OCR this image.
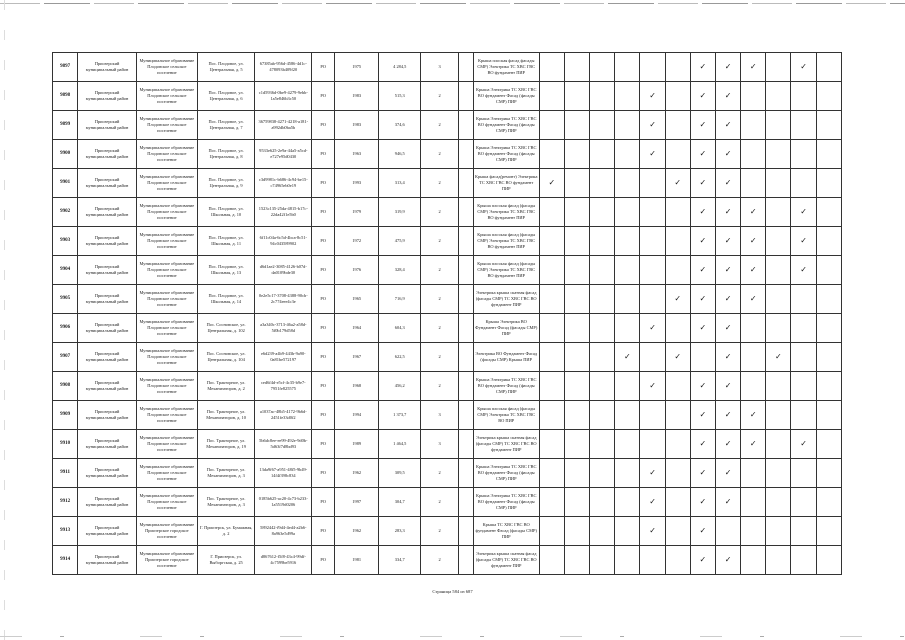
9897	Приозерский муниципальный район	Муниципальное образование Плодовское сельское поселение	Пос. Плодовое, ул. Центральная, д. 5	67385ab-956d-4586-4d1c-478093b409f20	PO	1975	4 284,5	3		Крыша плоская фасад фасады СМР) Электрика ТС ХВС ГВС ВО фундамент ПИР							✓	✓	✓		✓	
9898	Приозерский муниципальный район	Муниципальное образование Плодовское сельское поселение	Пос. Плодовое, ул. Центральная, д. 6	c1d5936d-0be9-4279-9ebb-1a5e846b3c50	PO	1983	515,3	2		Крыша Электрика ТС ХВС ГВС ВО фундамент Фасад (фасады СМР) ПИР					✓		✓	✓				
9899	Приозерский муниципальный район	Муниципальное образование Плодовское сельское поселение	Пос. Плодовое, ул. Центральная, д. 7	36759838-4271-4218-a181-a992db0ba5b	PO	1983	374,6	2		Крыша Электрика ТС ХВС ГВС ВО фундамент Фасад (фасады СМР) ПИР					✓		✓	✓				
9900	Приозерский муниципальный район	Муниципальное образование Плодовское сельское поселение	Пос. Плодовое, ул. Центральная, д. 8	9533e625-2e9a-44a5-a5cd-e727e95d0430	PO	1963	946,5	2		Крыша Электрика ТС ХВС ГВС ВО фундамент Фасад (фасады СМР) ПИР					✓		✓	✓				
9901	Приозерский муниципальный район	Муниципальное образование Плодовское сельское поселение	Пос. Плодовое, ул. Центральная, д. 9	c3d9981c-b686-4c94-be15-c74965eb0e19	PO	1993	313,4	2		Крыша фасад(ремонт) Электрика ТС ХВС ГВС ВО фундамент ПИР	✓					✓	✓	✓				
9902	Приозерский муниципальный район	Муниципальное образование Плодовское сельское поселение	Пос. Плодовое, ул. Школьная, д. 10	1523c135-25da-4815-b17c-22da42f1e5b0	PO	1979	319,9	2		Крыша плоская фасад (фасады СМР) Электрика ТС ХВС ГВС ВО фундамент ПИР							✓	✓	✓		✓	
9903	Приозерский муниципальный район	Муниципальное образование Плодовское сельское поселение	Пос. Плодовое, ул. Школьная, д. 11	6f11c04a-6c5d-4bca-8c51-94c043589902	PO	1972	475,9	2		Крыша плоская фасад (фасады СМР) Электрика ТС ХВС ГВС ВО фундамент ПИР							✓	✓	✓		✓	
9904	Приозерский муниципальный район	Муниципальное образование Плодовское сельское поселение	Пос. Плодовое, ул. Школьная, д. 13	d6d1ae2-3085-4126-b07d-da0109bde30	PO	1976	328,4	2		Крыша плоская фасад (фасады СМР) Электрика ТС ХВС ГВС ВО фундамент ПИР							✓	✓	✓		✓	
9905	Приозерский муниципальный район	Муниципальное образование Плодовское сельское поселение	Пос. Плодовое, ул. Школьная, д. 14	0e2e5c17-3708-4388-90cb-2c774eee4c3e	PO	1965	716,9	2		Электрика крыша скатная фасад (фасады СМР) ТС ХВС ГВС ВО фундамент ПИР						✓	✓	✓	✓			
9906	Приозерский муниципальный район	Муниципальное образование Плодовское сельское поселение	Пос. Сосновское, ул. Центральная, д. 102	a3a340c-3713-46a2-a58d-5f0b179d58d	PO	1964	604,3	2		Крыша Электрика ВО Фундамент Фасад (фасады СМР) ПИР					✓		✓	✓				
9907	Приозерский муниципальный район	Муниципальное образование Плодовское сельское поселение	Пос. Сосновское, ул. Центральная, д. 104	e6d239-a4b9-443b-9a90-0a81be572197	PO	1967	622,5	2		Электрика ВО Фундамент Фасад (фасады СМР) Крыша ПИР				✓		✓		✓		✓		
9908	Приозерский муниципальный район	Муниципальное образование Плодовское сельское поселение	Пос. Тракторное, ул. Механизаторов, д. 2	ced6f4d-e5cf-4c35-b9e7-7951fe825575	PO	1968	456,2	2		Крыша Электрика ТС ХВС ГВС ВО фундамент Фасад (фасады СМР) ПИР					✓		✓	✓				
9909	Приозерский муниципальный район	Муниципальное образование Плодовское сельское поселение	Пос. Тракторное, ул. Механизаторов, д. 10	a1037ac-48b5-4172-9b6d-2451fe33d0f2	PO	1994	1 373,7	3		Крыша плоская фасад (фасады СМР) Электрика ТС ХВС ГВС ВО ПИР							✓	✓	✓			
9910	Приозерский муниципальный район	Муниципальное образование Плодовское сельское поселение	Пос. Тракторное, ул. Механизаторов, д. 19	5b6dc8ee-ee99-492e-9d0b-5d63f7d8bd93	PO	1989	1 464,5	3		Электрика крыша скатная фасад (фасады СМР) ТС ХВС ГВС ВО фундамент ПИР							✓	✓	✓		✓	
9911	Приозерский муниципальный район	Муниципальное образование Плодовское сельское поселение	Пос. Тракторное, ул. Механизаторов, д. 3	13da9f67-a951-48f5-9b49-14f4f398c834	PO	1962	309,5	2		Крыша Электрика ТС ХВС ГВС ВО фундамент Фасад (фасады СМР) ПИР					✓		✓	✓				
9912	Приозерский муниципальный район	Муниципальное образование Плодовское сельское поселение	Пос. Тракторное, ул. Механизаторов, д. 3	0185b625-ac20-4c73-b233-1a5519d0206	PO	1997	304,7	2		Крыша Электрика ТС ХВС ГВС ВО фундамент Фасад (фасады СМР) ПИР					✓		✓	✓				
9913	Приозерский муниципальный район	Муниципальное образование Приозерское городское поселение	Г. Приозерск, ул. Бумажная, д. 2	5892442-f9d4-4ed4-a2b6-8a963e5d99a	PO	1962	283,3	2		Крыша ТС ХВС ГВС ВО фундамент Фасад (фасады СМР) ПИР					✓		✓					
9914	Приозерский муниципальный район	Муниципальное образование Приозерское городское поселение	Г. Приозерск, ул. Выборгская, д. 25	d867612-f5f8-43c4-99df-4c7599be5916	PO	1981	334,7	2		Электрика крыша скатная фасад (фасады СМР) ТС ХВС ГВС ВО фундамент ПИР							✓	✓				
Страница 584 из 687
